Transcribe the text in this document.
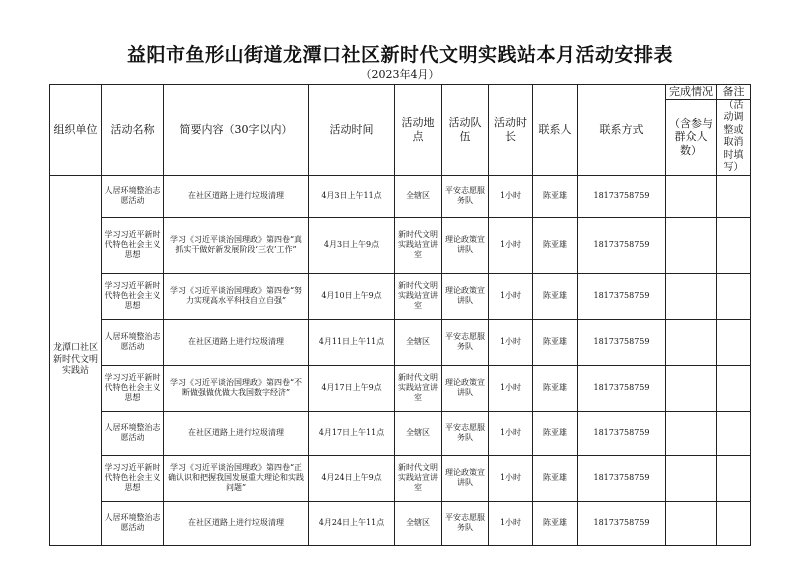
益阳市鱼形山街道龙潭口社区新时代文明实践站本月活动安排表
（2023年4月）
组织单位	活动名称	简要内容（30字以内）	活动时间	活动地点	活动队伍	活动时长	联系人	联系方式	完成情况	备注
									（含参与群众人数）	（活动调整或取消时填写）
龙潭口社区新时代文明实践站	人居环境整治志愿活动	在社区道路上进行垃圾清理	4月3日上午11点	全辖区	平安志愿服务队	1小时	陈亚雄	18173758759		
	学习习近平新时代特色社会主义思想	学习《习近平谈治国理政》第四卷“真抓实干做好新发展阶段‘三农’工作”	4月3日上午9点	新时代文明实践站宣讲室	理论政策宣讲队	1小时	陈亚雄	18173758759		
	学习习近平新时代特色社会主义思想	学习《习近平谈治国理政》第四卷“努力实现高水平科技自立自强”	4月10日上午9点	新时代文明实践站宣讲室	理论政策宣讲队	1小时	陈亚雄	18173758759		
	人居环境整治志愿活动	在社区道路上进行垃圾清理	4月11日上午11点	全辖区	平安志愿服务队	1小时	陈亚雄	18173758759		
	学习习近平新时代特色社会主义思想	学习《习近平谈治国理政》第四卷“不断做强做优做大我国数字经济”	4月17日上午9点	新时代文明实践站宣讲室	理论政策宣讲队	1小时	陈亚雄	18173758759		
	人居环境整治志愿活动	在社区道路上进行垃圾清理	4月17日上午11点	全辖区	平安志愿服务队	1小时	陈亚雄	18173758759		
	学习习近平新时代特色社会主义思想	学习《习近平谈治国理政》第四卷“正确认识和把握我国发展重大理论和实践问题”	4月24日上午9点	新时代文明实践站宣讲室	理论政策宣讲队	1小时	陈亚雄	18173758759		
	人居环境整治志愿活动	在社区道路上进行垃圾清理	4月24日上午11点	全辖区	平安志愿服务队	1小时	陈亚雄	18173758759		
